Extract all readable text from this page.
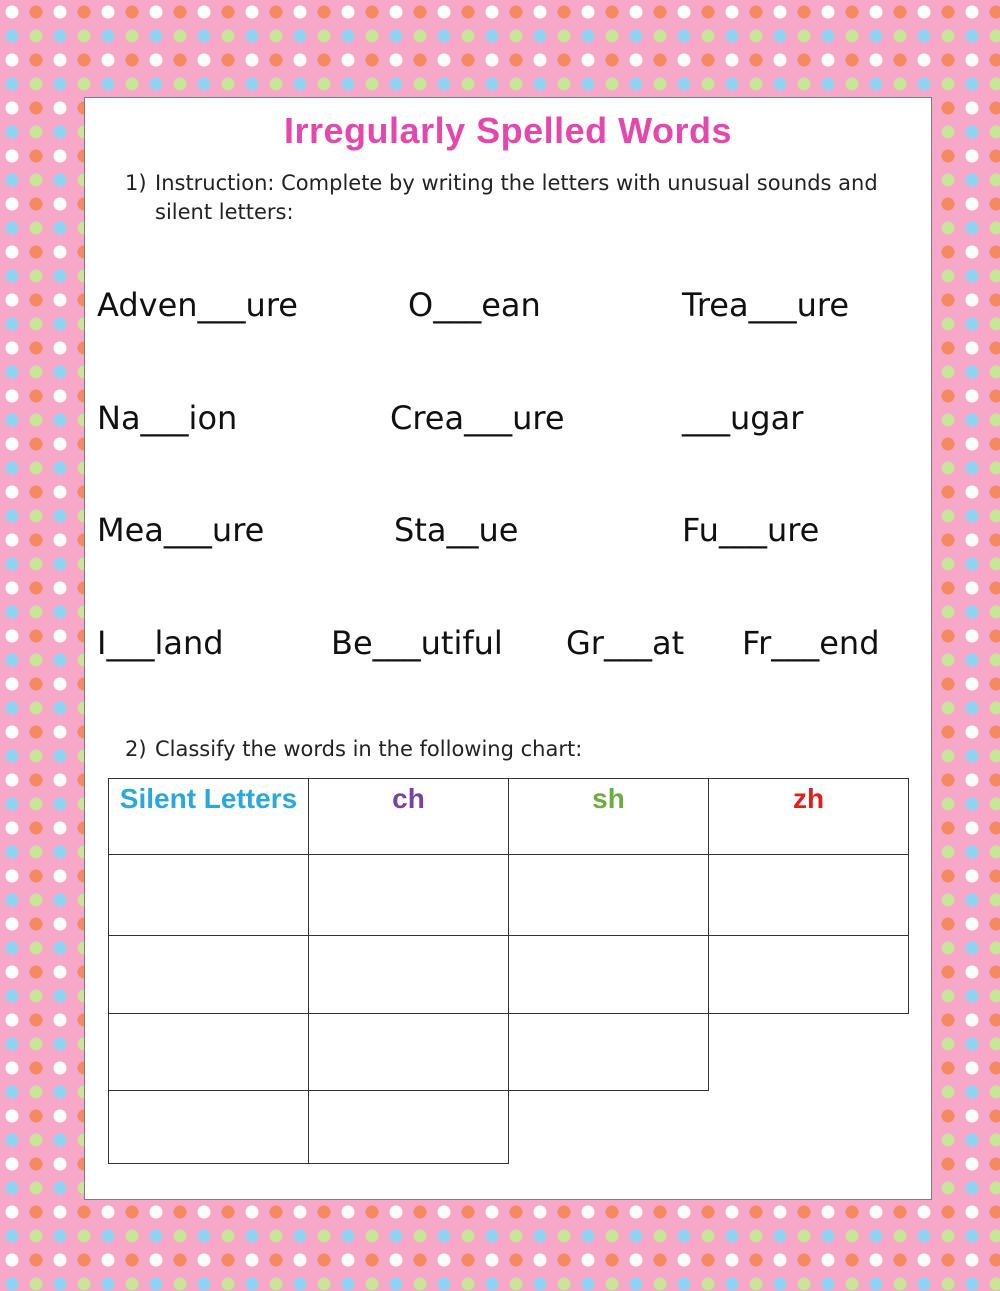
Irregularly Spelled Words

1) Instruction: Complete by writing the letters with unusual sounds and silent letters:

Adven___ure	O___ean	Trea___ure

Na___ion	Crea___ure	___ugar

Mea___ure	Sta__ue	Fu___ure

I___land	Be___utiful Gr___at Fr___end

2) Classify the words in the following chart:

Silent Letters	ch	sh	zh
